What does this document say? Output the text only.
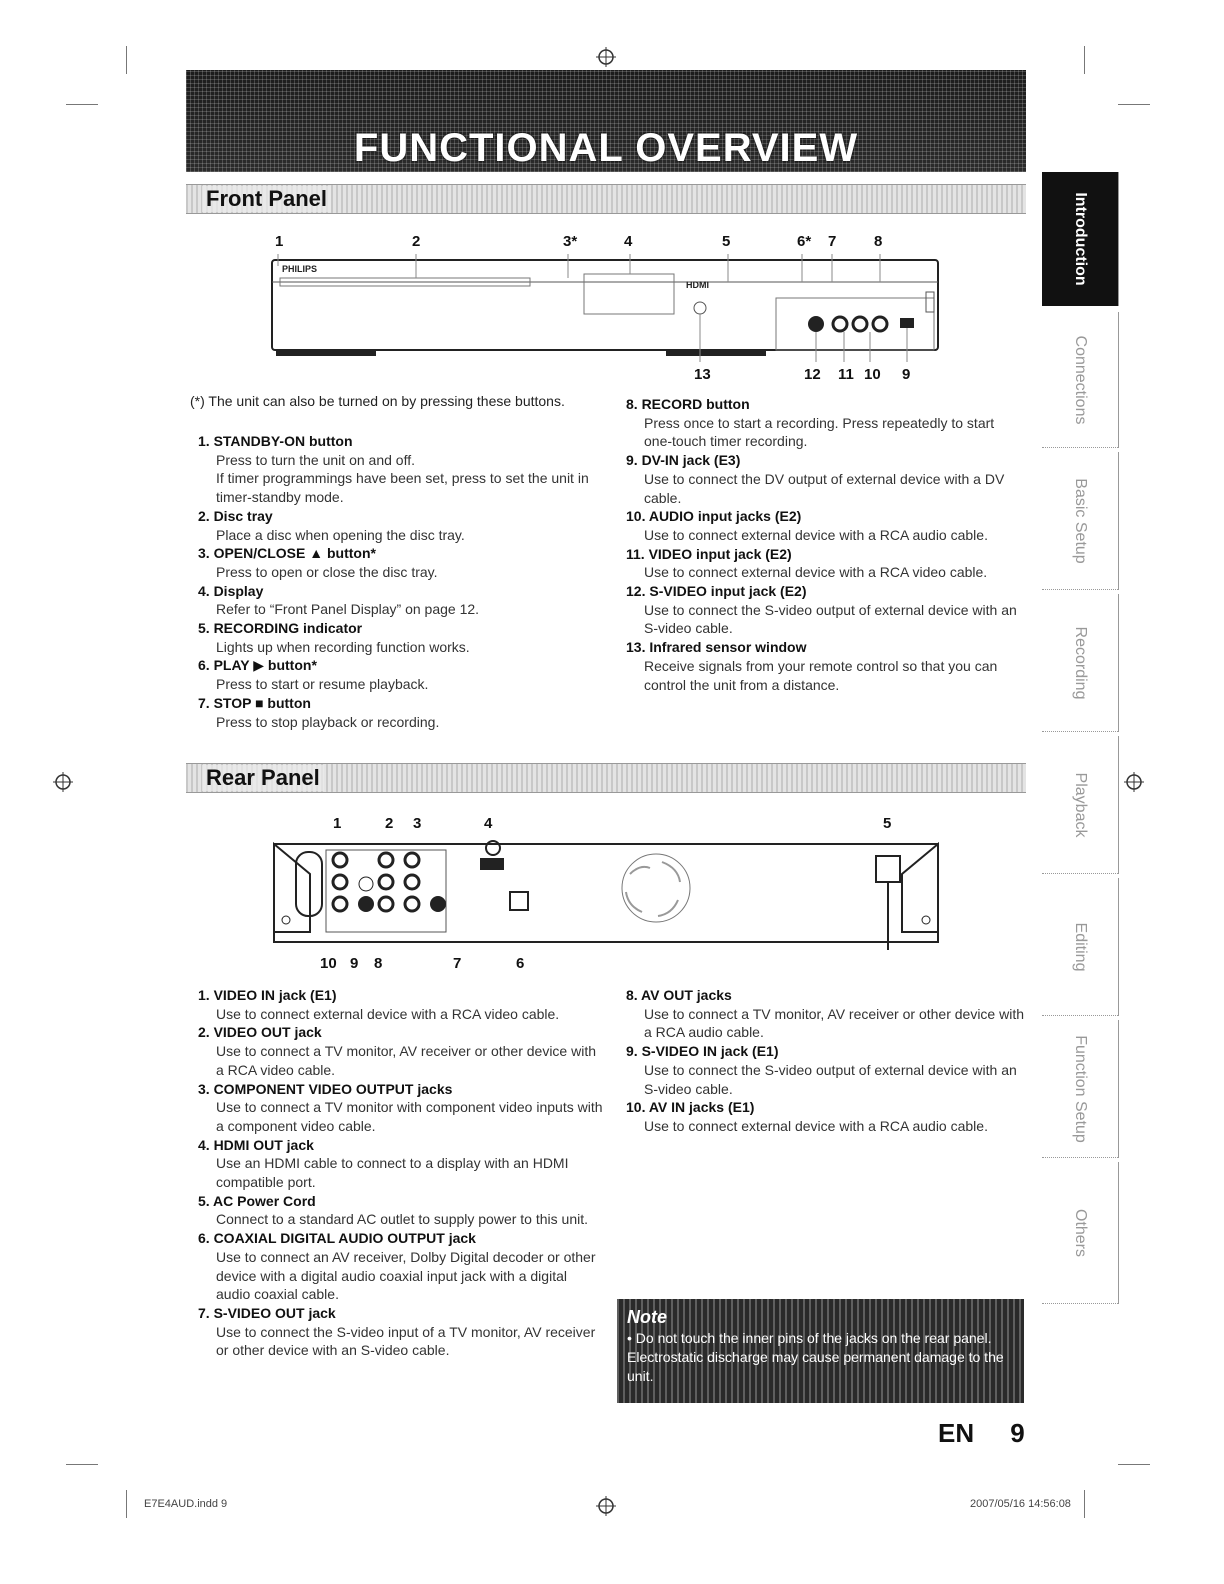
FUNCTIONAL OVERVIEW
Introduction
Connections
Basic Setup
Recording
Playback
Editing
Function Setup
Others
Front Panel
1	2	3*	4	5	6* 7	8
13	12 11 10 9
PHILIPS
HDMI
(*) The unit can also be turned on by pressing these buttons.
1. STANDBY-ON button
Press to turn the unit on and off.
If timer programmings have been set, press to set the unit in timer-standby mode.
2. Disc tray
Place a disc when opening the disc tray.
3. OPEN/CLOSE ▲ button*
Press to open or close the disc tray.
4. Display
Refer to “Front Panel Display” on page 12.
5. RECORDING indicator
Lights up when recording function works.
6. PLAY ▶ button*
Press to start or resume playback.
7. STOP ■ button
Press to stop playback or recording.
8. RECORD button
Press once to start a recording. Press repeatedly to start one-touch timer recording.
9. DV-IN jack (E3)
Use to connect the DV output of external device with a DV cable.
10. AUDIO input jacks (E2)
Use to connect external device with a RCA audio cable.
11. VIDEO input jack (E2)
Use to connect external device with a RCA video cable.
12. S-VIDEO input jack (E2)
Use to connect the S-video output of external device with an S-video cable.
13. Infrared sensor window
Receive signals from your remote control so that you can control the unit from a distance.
Rear Panel
1	2 3	4	5
10 9 8	7	6
1. VIDEO IN jack (E1)
Use to connect external device with a RCA video cable.
2. VIDEO OUT jack
Use to connect a TV monitor, AV receiver or other device with a RCA video cable.
3. COMPONENT VIDEO OUTPUT jacks
Use to connect a TV monitor with component video inputs with a component video cable.
4. HDMI OUT jack
Use an HDMI cable to connect to a display with an HDMI compatible port.
5. AC Power Cord
Connect to a standard AC outlet to supply power to this unit.
6. COAXIAL DIGITAL AUDIO OUTPUT jack
Use to connect an AV receiver, Dolby Digital decoder or other device with a digital audio coaxial input jack with a digital audio coaxial cable.
7. S-VIDEO OUT jack
Use to connect the S-video input of a TV monitor, AV receiver or other device with an S-video cable.
8. AV OUT jacks
Use to connect a TV monitor, AV receiver or other device with a RCA audio cable.
9. S-VIDEO IN jack (E1)
Use to connect the S-video output of external device with an S-video cable.
10. AV IN jacks (E1)
Use to connect external device with a RCA audio cable.
Note
• Do not touch the inner pins of the jacks on the rear panel. Electrostatic discharge may cause permanent damage to the unit.
EN     9
E7E4AUD.indd 9	2007/05/16 14:56:08
